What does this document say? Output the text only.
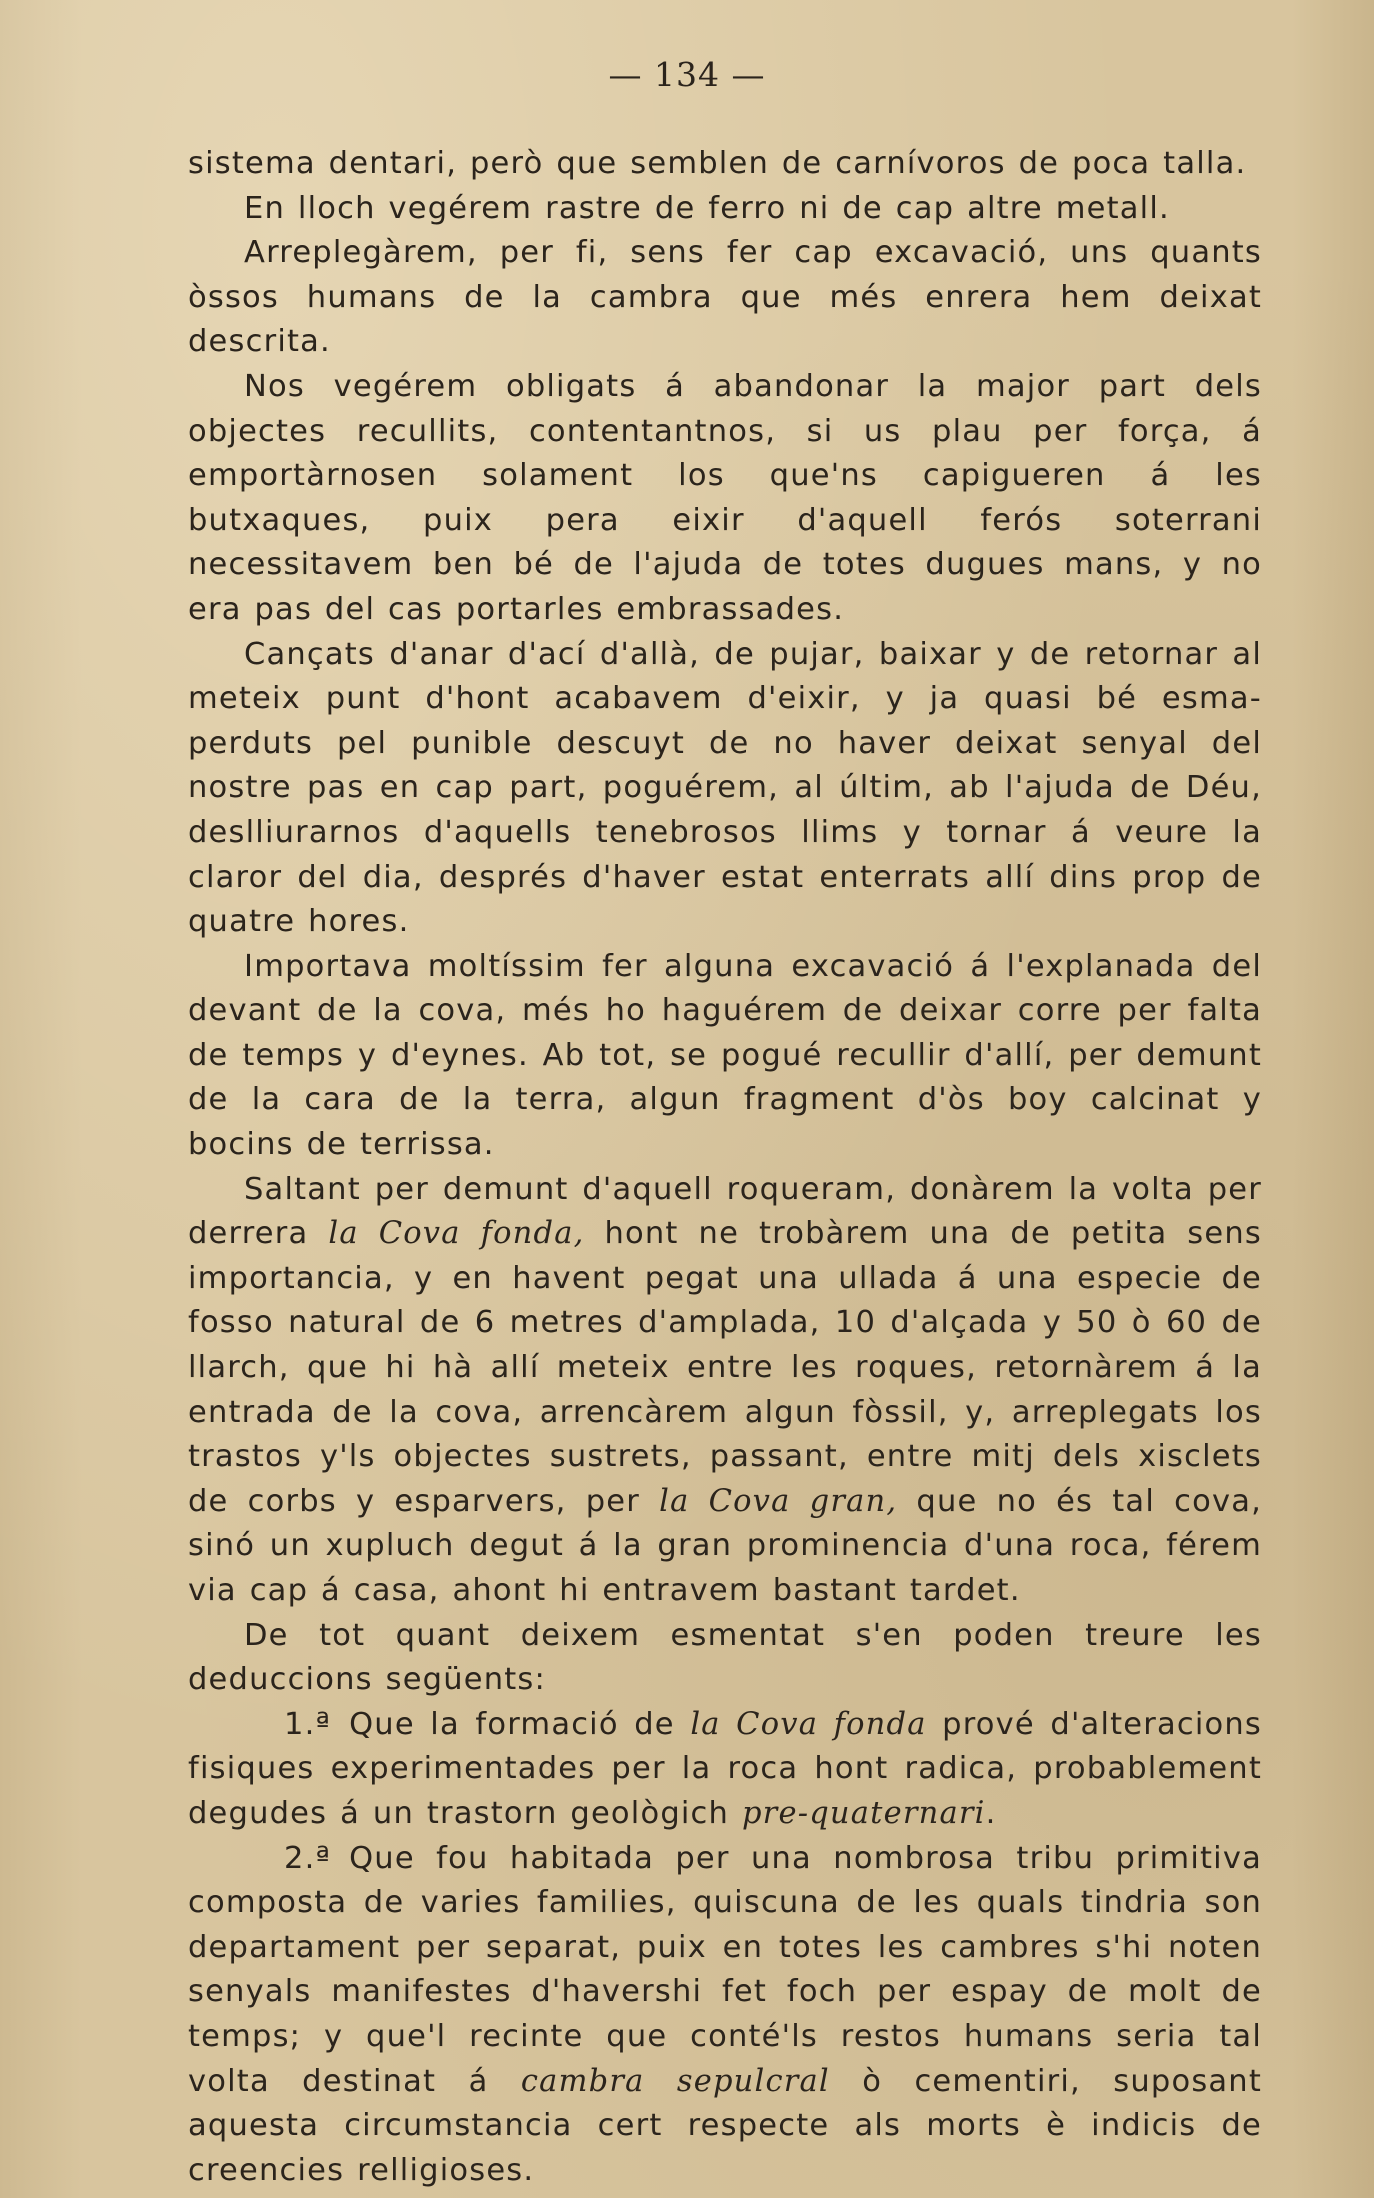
— 134 —

sistema dentari, però que semblen de carnívoros de poca talla.

En lloch vegérem rastre de ferro ni de cap altre metall.

Arreplegàrem, per fi, sens fer cap excavació, uns quants òssos humans de la cambra que més enrera hem deixat descrita.

Nos vegérem obligats á abandonar la major part dels objectes recullits, contentantnos, si us plau per força, á emportàrnosen solament los que'ns capigueren á les butxaques, puix pera eixir d'aquell ferós soterrani necessitavem ben bé de l'ajuda de totes dugues mans, y no era pas del cas portarles embrassades.

Cançats d'anar d'ací d'allà, de pujar, baixar y de retornar al meteix punt d'hont acabavem d'eixir, y ja quasi bé esma-perduts pel punible descuyt de no haver deixat senyal del nostre pas en cap part, poguérem, al últim, ab l'ajuda de Déu, deslliurarnos d'aquells tenebrosos llims y tornar á veure la claror del dia, després d'haver estat enterrats allí dins prop de quatre hores.

Importava moltíssim fer alguna excavació á l'explanada del devant de la cova, més ho haguérem de deixar corre per falta de temps y d'eynes. Ab tot, se pogué recullir d'allí, per demunt de la cara de la terra, algun fragment d'òs boy calcinat y bocins de terrissa.

Saltant per demunt d'aquell roqueram, donàrem la volta per derrera la Cova fonda, hont ne trobàrem una de petita sens importancia, y en havent pegat una ullada á una especie de fosso natural de 6 metres d'amplada, 10 d'alçada y 50 ò 60 de llarch, que hi hà allí meteix entre les roques, retornàrem á la entrada de la cova, arrencàrem algun fòssil, y, arreplegats los trastos y'ls objectes sustrets, passant, entre mitj dels xisclets de corbs y esparvers, per la Cova gran, que no és tal cova, sinó un xupluch degut á la gran prominencia d'una roca, férem via cap á casa, ahont hi entravem bastant tardet.

De tot quant deixem esmentat s'en poden treure les deduccions següents:

1.ª Que la formació de la Cova fonda prové d'alteracions fisiques experimentades per la roca hont radica, probablement degudes á un trastorn geològich pre-quaternari.

2.ª Que fou habitada per una nombrosa tribu primitiva composta de varies families, quiscuna de les quals tindria son departament per separat, puix en totes les cambres s'hi noten senyals manifestes d'havershi fet foch per espay de molt de temps; y que'l recinte que conté'ls restos humans seria tal volta destinat á cambra sepulcral ò cementiri, suposant aquesta circumstancia cert respecte als morts è indicis de creencies relligioses.
